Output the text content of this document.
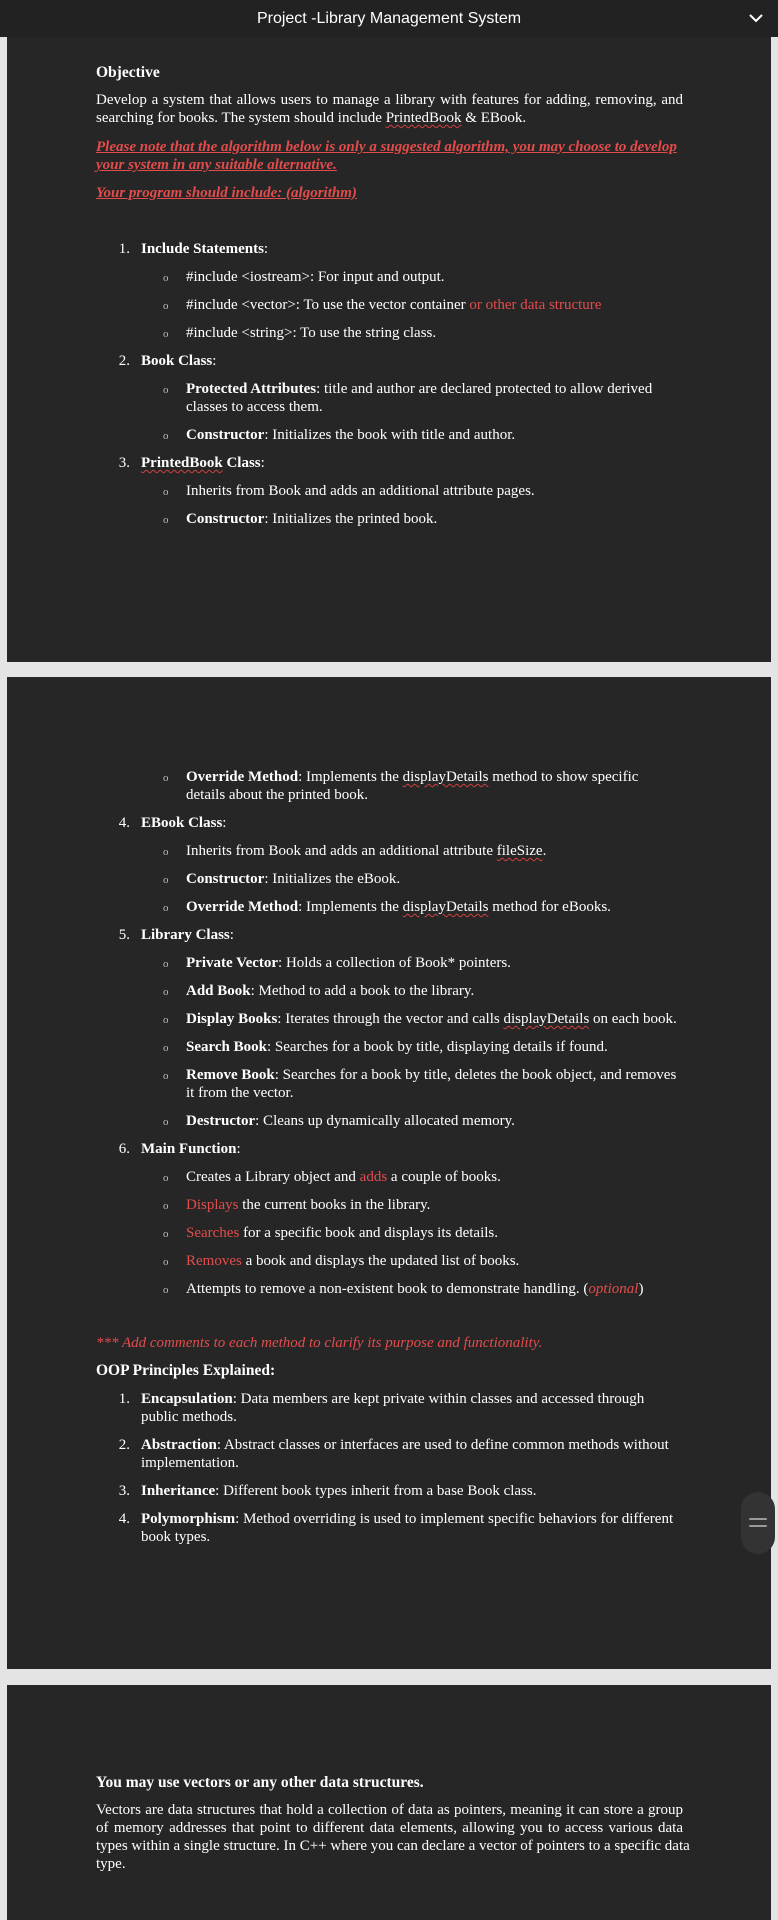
Project -Library Management System
Objective
Develop a system that allows users to manage a library with features for adding, removing, and
searching for books. The system should include PrintedBook & EBook.
Please note that the algorithm below is only a suggested algorithm, you may choose to develop
your system in any suitable alternative.
Your program should include: (algorithm)
1. Include Statements:
o #include <iostream>: For input and output.
o #include <vector>: To use the vector container or other data structure
o #include <string>: To use the string class.
2. Book Class:
o Protected Attributes: title and author are declared protected to allow derived
classes to access them.
o Constructor: Initializes the book with title and author.
3. PrintedBook Class:
o Inherits from Book and adds an additional attribute pages.
o Constructor: Initializes the printed book.
o Override Method: Implements the displayDetails method to show specific
details about the printed book.
4. EBook Class:
o Inherits from Book and adds an additional attribute fileSize.
o Constructor: Initializes the eBook.
o Override Method: Implements the displayDetails method for eBooks.
5. Library Class:
o Private Vector: Holds a collection of Book* pointers.
o Add Book: Method to add a book to the library.
o Display Books: Iterates through the vector and calls displayDetails on each book.
o Search Book: Searches for a book by title, displaying details if found.
o Remove Book: Searches for a book by title, deletes the book object, and removes
it from the vector.
o Destructor: Cleans up dynamically allocated memory.
6. Main Function:
o Creates a Library object and adds a couple of books.
o Displays the current books in the library.
o Searches for a specific book and displays its details.
o Removes a book and displays the updated list of books.
o Attempts to remove a non-existent book to demonstrate handling. (optional)
*** Add comments to each method to clarify its purpose and functionality.
OOP Principles Explained:
1. Encapsulation: Data members are kept private within classes and accessed through
public methods.
2. Abstraction: Abstract classes or interfaces are used to define common methods without
implementation.
3. Inheritance: Different book types inherit from a base Book class.
4. Polymorphism: Method overriding is used to implement specific behaviors for different
book types.
You may use vectors or any other data structures.
Vectors are data structures that hold a collection of data as pointers, meaning it can store a group
of memory addresses that point to different data elements, allowing you to access various data
types within a single structure. In C++ where you can declare a vector of pointers to a specific data
type.
